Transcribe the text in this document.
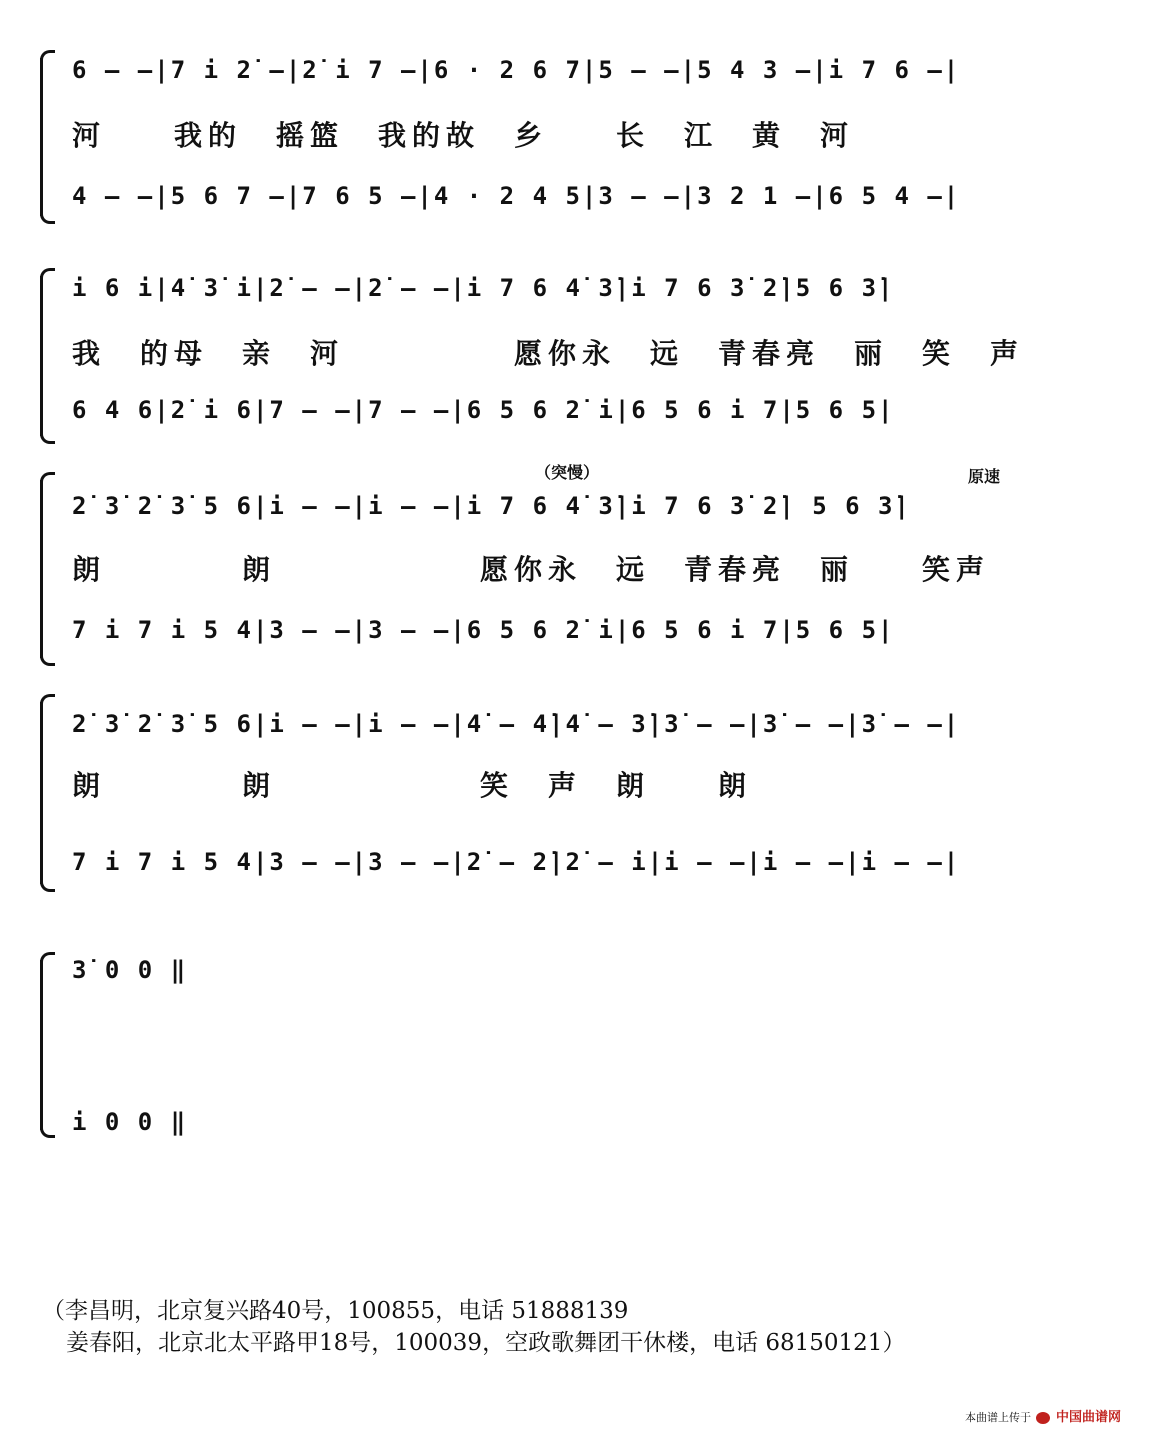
6 — —|7 i 2̇ —|2̇ i 7 —|6 · 2 6 7|5 — —|5 4 3 —|i 7 6 —|
河　　我的　摇篮　我的故　乡　　长　江　黄　河
4 — —|5 6 7 —|7 6 5 —|4 · 2 4 5|3 — —|3 2 1 —|6 5 4 —|
i 6 i|4̇ 3̇ i|2̇ — —|2̇ — —|i 7 6 4̇ 3̇|i 7 6 3̇ 2̇|5 6 3̇|
我　的母　亲　河　　　　　愿你永　远　青春亮　丽　笑　声
6 4 6|2̇ i 6|7 — —|7 — —|6 5 6 2̇ i|6 5 6 i 7|5 6 5|
（突慢）	原速
2̇ 3̇ 2̇ 3̇ 5 6|i — —|i — —|i 7 6 4̇ 3̇|i 7 6 3̇ 2̇| 5 6 3̇|
朗　　　　朗　　　　　　愿你永　远　青春亮　丽　　笑声
7 i 7 i 5 4|3 — —|3 — —|6 5 6 2̇ i|6 5 6 i 7|5 6 5|
2̇ 3̇ 2̇ 3̇ 5 6|i — —|i — —|4̇ — 4̇|4̇ — 3̇|3̇ — —|3̇ — —|3̇ — —|
朗　　　　朗　　　　　　笑　声　朗　　朗
7 i 7 i 5 4|3 — —|3 — —|2̇ — 2̇|2̇ — i|i — —|i — —|i — —|
3̇ 0 0 ‖
i 0 0 ‖
（李昌明，北京复兴路40号，100855，电话 51888139
姜春阳，北京北太平路甲18号，100039，空政歌舞团干休楼，电话 68150121）
本曲谱上传于 中国曲谱网
